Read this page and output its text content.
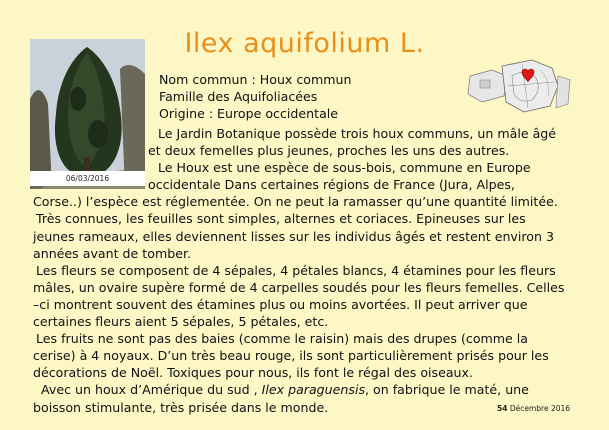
Ilex aquifolium L.
06/03/2016
Nom commun : Houx commun
Famille des Aquifoliacées
Origine : Europe occidentale
Le Jardin Botanique possède trois houx communs, un mâle âgé
et deux femelles plus jeunes, proches les uns des autres.
Le Houx est une espèce de sous-bois, commune en Europe
occidentale Dans certaines régions de France (Jura, Alpes,
Corse..) l’espèce est réglementée. On ne peut la ramasser qu’une quantité limitée.
Très connues, les feuilles sont simples, alternes et coriaces. Epineuses sur les
jeunes rameaux, elles deviennent lisses sur les individus âgés et restent environ 3
années avant de tomber.
Les fleurs se composent de 4 sépales, 4 pétales blancs, 4 étamines pour les fleurs
mâles, un ovaire supère formé de 4 carpelles soudés pour les fleurs femelles. Celles
–ci montrent souvent des étamines plus ou moins avortées. Il peut arriver que
certaines fleurs aient 5 sépales, 5 pétales, etc.
Les fruits ne sont pas des baies (comme le raisin) mais des drupes (comme la
cerise) à 4 noyaux. D’un très beau rouge, ils sont particulièrement prisés pour les
décorations de Noël. Toxiques pour nous, ils font le régal des oiseaux.
Avec un houx d’Amérique du sud , Ilex paraguensis, on fabrique le maté, une
boisson stimulante, très prisée dans le monde.	54 Décembre 2016
